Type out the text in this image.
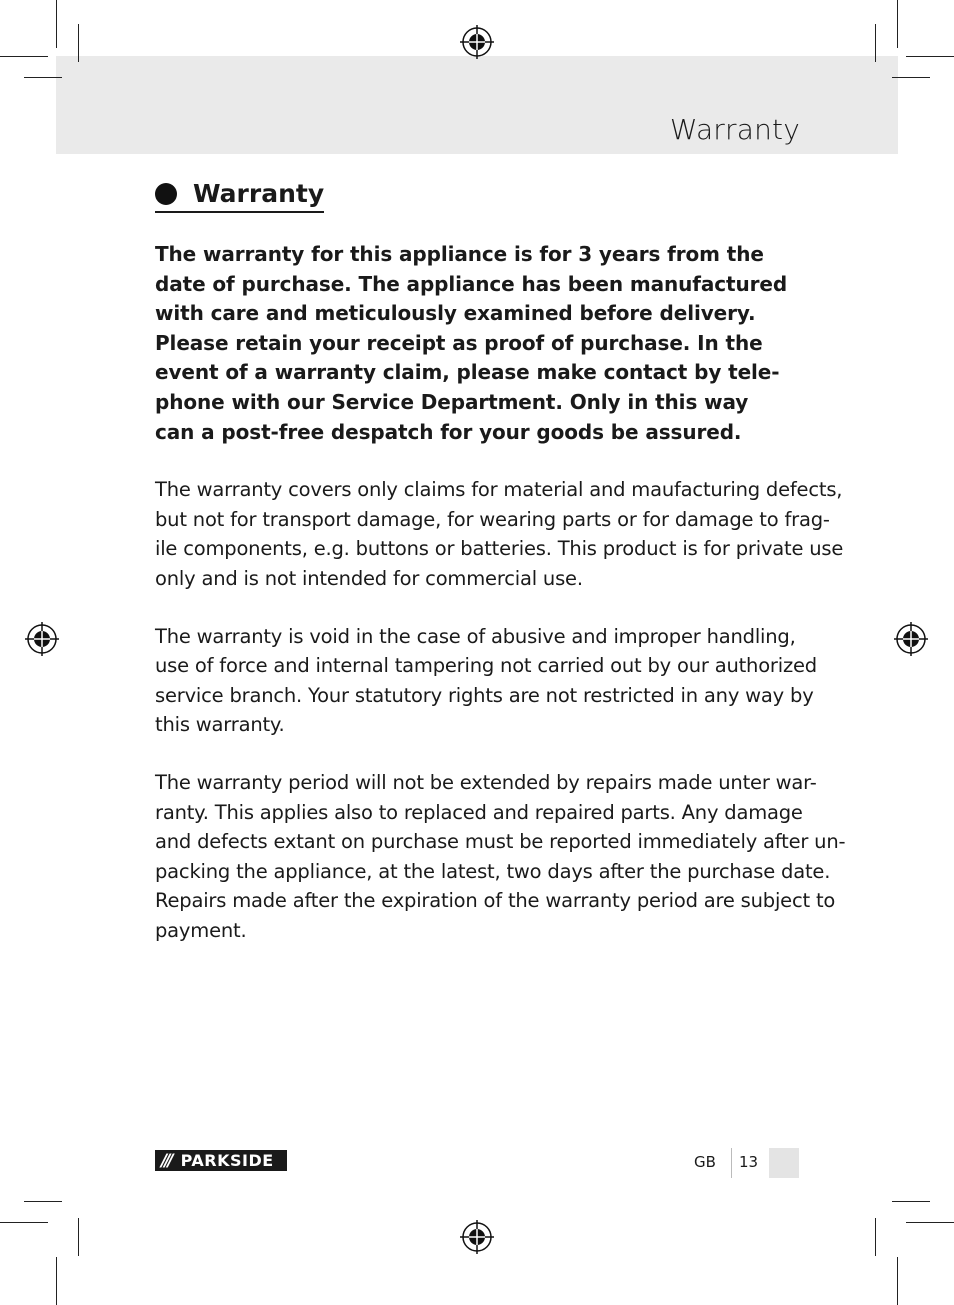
Warranty
Warranty

The warranty for this appliance is for 3 years from the
date of purchase. The appliance has been manufactured
with care and meticulously examined before delivery.
Please retain your receipt as proof of purchase. In the
event of a warranty claim, please make contact by tele-
phone with our Service Department. Only in this way
can a post-free despatch for your goods be assured.

The warranty covers only claims for material and maufacturing defects,
but not for transport damage, for wearing parts or for damage to frag-
ile components, e.g. buttons or batteries. This product is for private use
only and is not intended for commercial use.

The warranty is void in the case of abusive and improper handling,
use of force and internal tampering not carried out by our authorized
service branch. Your statutory rights are not restricted in any way by
this warranty.

The warranty period will not be extended by repairs made unter war-
ranty. This applies also to replaced and repaired parts. Any damage
and defects extant on purchase must be reported immediately after un-
packing the appliance, at the latest, two days after the purchase date.
Repairs made after the expiration of the warranty period are subject to
payment.

/// PARKSIDE	GB 13
